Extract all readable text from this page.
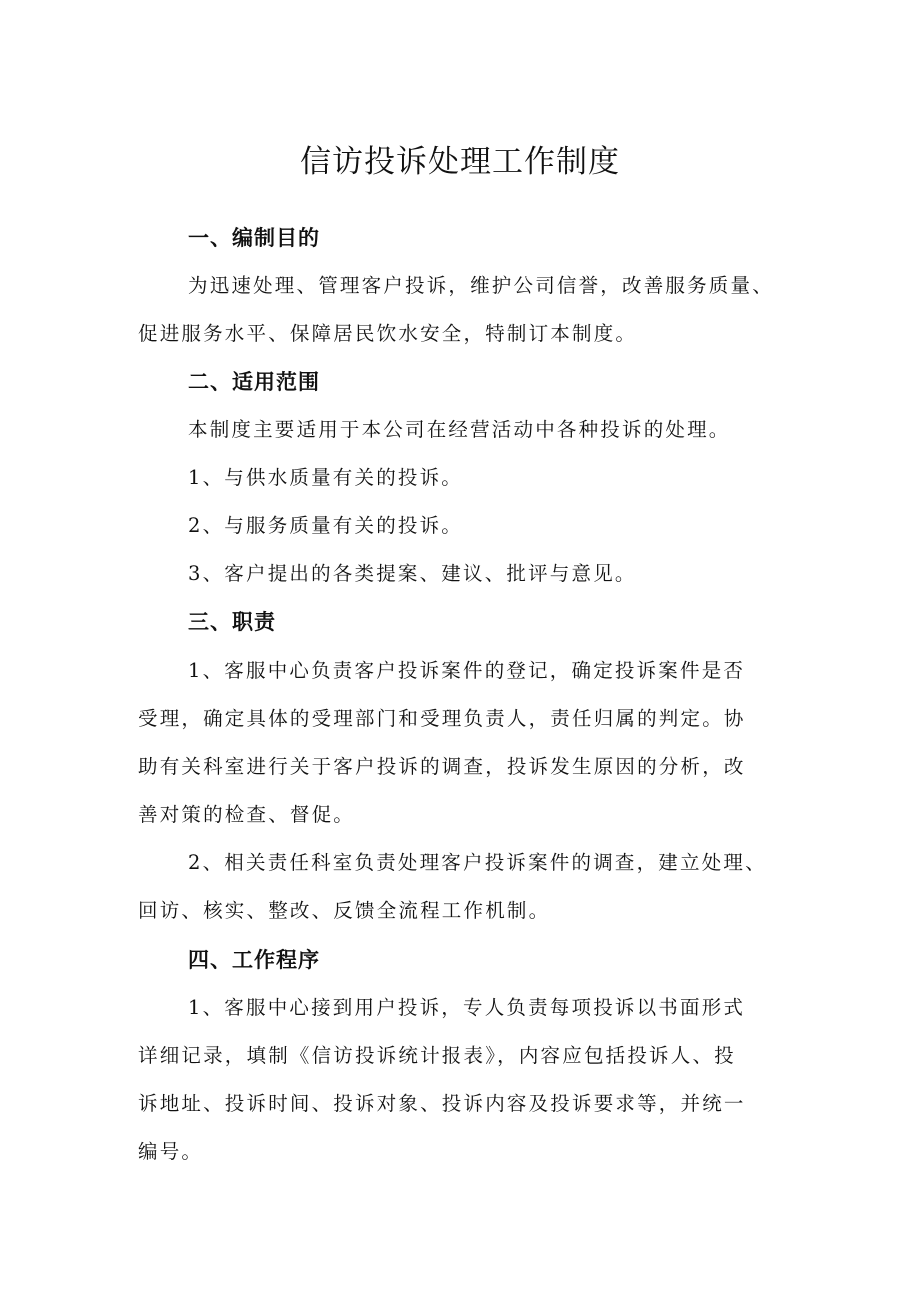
信访投诉处理工作制度
一、编制目的
为迅速处理、管理客户投诉，维护公司信誉，改善服务质量、
促进服务水平、保障居民饮水安全，特制订本制度。
二、适用范围
本制度主要适用于本公司在经营活动中各种投诉的处理。
1、与供水质量有关的投诉。
2、与服务质量有关的投诉。
3、客户提出的各类提案、建议、批评与意见。
三、职责
1、客服中心负责客户投诉案件的登记，确定投诉案件是否
受理，确定具体的受理部门和受理负责人，责任归属的判定。协
助有关科室进行关于客户投诉的调查，投诉发生原因的分析，改
善对策的检查、督促。
2、相关责任科室负责处理客户投诉案件的调查，建立处理、
回访、核实、整改、反馈全流程工作机制。
四、工作程序
1、客服中心接到用户投诉，专人负责每项投诉以书面形式
详细记录，填制《信访投诉统计报表》，内容应包括投诉人、投
诉地址、投诉时间、投诉对象、投诉内容及投诉要求等，并统一
编号。
